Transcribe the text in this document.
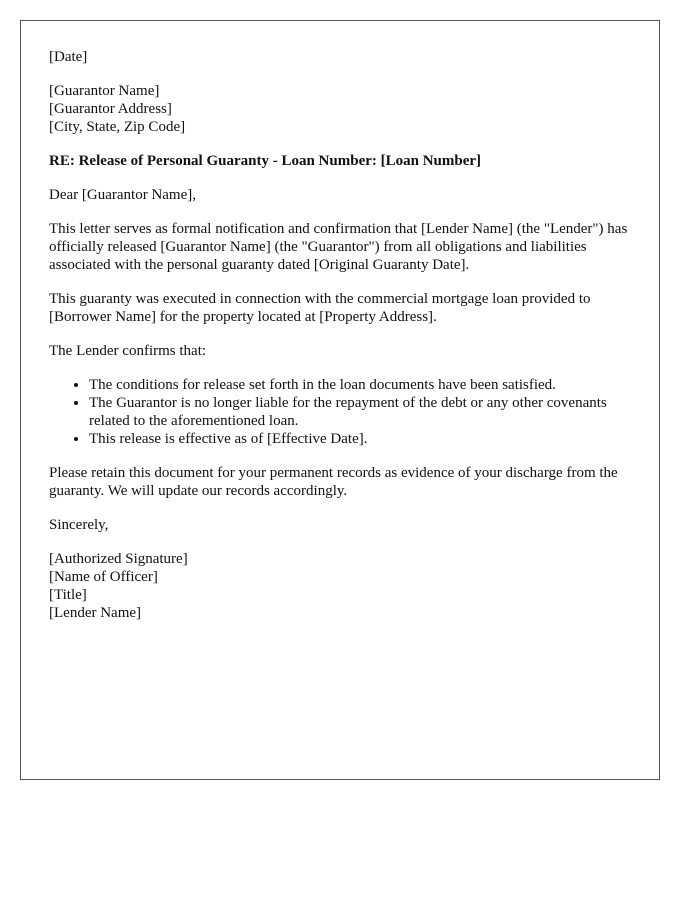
[Date]

[Guarantor Name]
[Guarantor Address]
[City, State, Zip Code]

RE: Release of Personal Guaranty - Loan Number: [Loan Number]

Dear [Guarantor Name],

This letter serves as formal notification and confirmation that [Lender Name] (the "Lender") has officially released [Guarantor Name] (the "Guarantor") from all obligations and liabilities associated with the personal guaranty dated [Original Guaranty Date].

This guaranty was executed in connection with the commercial mortgage loan provided to [Borrower Name] for the property located at [Property Address].

The Lender confirms that:

• The conditions for release set forth in the loan documents have been satisfied.
• The Guarantor is no longer liable for the repayment of the debt or any other covenants related to the aforementioned loan.
• This release is effective as of [Effective Date].

Please retain this document for your permanent records as evidence of your discharge from the guaranty. We will update our records accordingly.

Sincerely,

[Authorized Signature]
[Name of Officer]
[Title]
[Lender Name]
